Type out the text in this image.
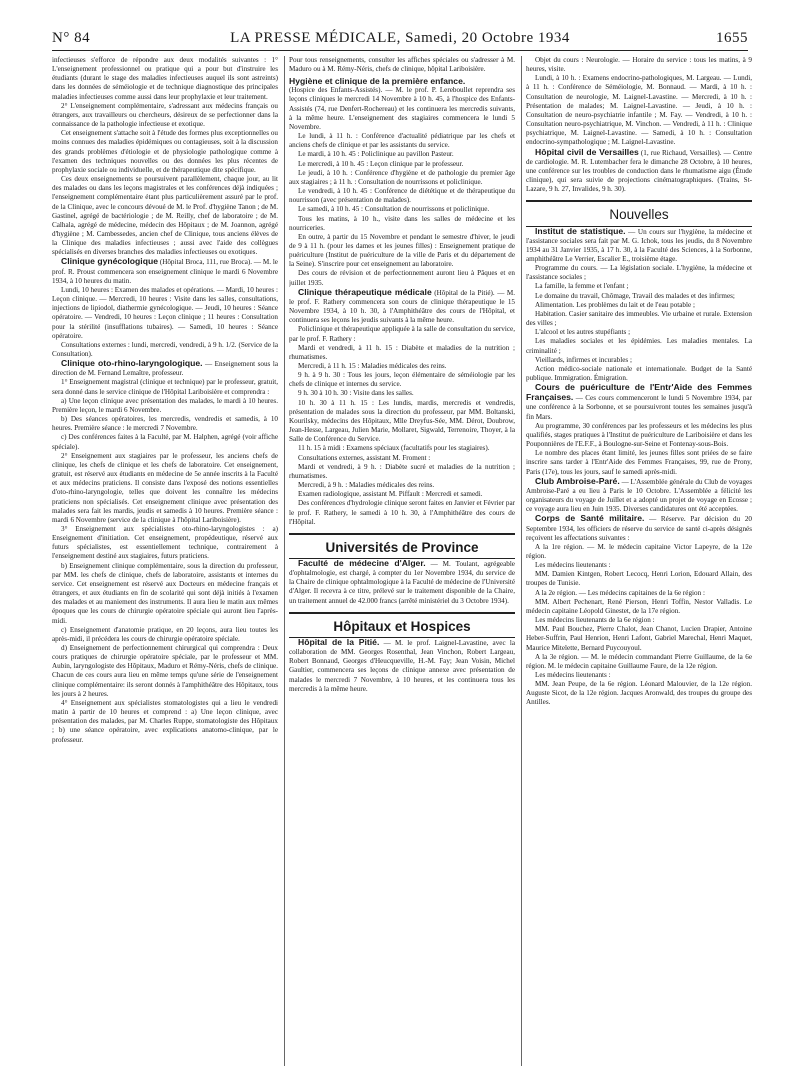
N° 84	LA PRESSE MÉDICALE, Samedi, 20 Octobre 1934	1655

infectieuses s'efforce de répondre aux deux modalités suivantes : 1° L'enseignement professionnel ou pratique qui a pour but d'instruire les étudiants (durant le stage des maladies infectieuses auquel ils sont astreints) dans les données de séméiologie et de technique diagnostique des principales maladies infectieuses comme aussi dans leur prophylaxie et leur traitement.

2° L'enseignement complémentaire, s'adressant aux médecins français ou étrangers, aux travailleurs ou chercheurs, désireux de se perfectionner dans la connaissance de la pathologie infectieuse et exotique.

Cet enseignement s'attache soit à l'étude des formes plus exceptionnelles ou moins connues des maladies épidémiques ou contagieuses, soit à la discussion des grands problèmes d'étiologie et de physiologie pathologique comme à l'examen des techniques nouvelles ou des données les plus récentes de prophylaxie sociale ou individuelle, et de thérapeutique dite spécifique.

Ces deux enseignements se poursuivent parallèlement, chaque jour, au lit des malades ou dans les leçons magistrales et les conférences déjà indiquées ; l'enseignement complémentaire étant plus particulièrement assuré par le prof. de la Clinique, avec le concours dévoué de M. le Prof. d'hygiène Tanon ; de M. Gastinel, agrégé de bactériologie ; de M. Reilly, chef de laboratoire ; de M. Calhala, agrégé de médecine, médecin des Hôpitaux ; de M. Joannon, agrégé d'hygiène ; M. Cambessedes, ancien chef de Clinique, tous anciens élèves de la Clinique des maladies infectieuses ; aussi avec l'aide des collègues spécialisés en diverses branches des maladies infectieuses ou exotiques.

Clinique gynécologique (Hôpital Broca, 111, rue Broca). — M. le prof. R. Proust commencera son enseignement clinique le mardi 6 Novembre 1934, à 10 heures du matin.

Lundi, 10 heures : Examen des malades et opérations. — Mardi, 10 heures : Leçon clinique. — Mercredi, 10 heures : Visite dans les salles, consultations, injections de lipiodol, diathermie gynécologique. — Jeudi, 10 heures : Séance opératoire. — Vendredi, 10 heures : Leçon clinique ; 11 heures : Consultation pour la stérilité (insufflations tubaires). — Samedi, 10 heures : Séance opératoire.

Consultations externes : lundi, mercredi, vendredi, à 9 h. 1/2. (Service de la Consultation).

Clinique oto-rhino-laryngologique. — Enseignement sous la direction de M. Fernand Lemaître, professeur.

1° Enseignement magistral (clinique et technique) par le professeur, gratuit, sera donné dans le service clinique de l'Hôpital Lariboisière et comprendra :

a) Une leçon clinique avec présentation des malades, le mardi à 10 heures. Première leçon, le mardi 6 Novembre.

b) Des séances opératoires, les mercredis, vendredis et samedis, à 10 heures. Première séance : le mercredi 7 Novembre.

c) Des conférences faites à la Faculté, par M. Halphen, agrégé (voir affiche spéciale).

2° Enseignement aux stagiaires par le professeur, les anciens chefs de clinique, les chefs de clinique et les chefs de laboratoire. Cet enseignement, gratuit, est réservé aux étudiants en médecine de 5e année inscrits à la Faculté et aux médecins praticiens. Il consiste dans l'exposé des notions essentielles d'oto-rhino-laryngologie, telles que doivent les connaître les médecins praticiens non spécialisés. Cet enseignement clinique avec présentation des malades sera fait les mardis, jeudis et samedis à 10 heures. Première séance : mardi 6 Novembre (service de la clinique à l'hôpital Lariboisière).

3° Enseignement aux spécialistes oto-rhino-laryngologistes : a) Enseignement d'initiation. Cet enseignement, propédeutique, réservé aux futurs spécialistes, est essentiellement technique, contrairement à l'enseignement destiné aux stagiaires, futurs praticiens.

b) Enseignement clinique complémentaire, sous la direction du professeur, par MM. les chefs de clinique, chefs de laboratoire, assistants et internes du service. Cet enseignement est réservé aux Docteurs en médecine français et étrangers, et aux étudiants en fin de scolarité qui sont déjà initiés à l'examen des malades et au maniement des instruments. Il aura lieu le matin aux mêmes époques que les cours de chirurgie opératoire spéciale qui auront lieu l'après-midi.

c) Enseignement d'anatomie pratique, en 20 leçons, aura lieu toutes les après-midi, il précédera les cours de chirurgie opératoire spéciale.

d) Enseignement de perfectionnement chirurgical qui comprendra : Deux cours pratiques de chirurgie opératoire spéciale, par le professeur et MM. Aubin, laryngologiste des Hôpitaux, Maduro et Rémy-Néris, chefs de clinique. Chacun de ces cours aura lieu en même temps qu'une série de l'enseignement clinique complémentaire: ils seront donnés à l'amphithéâtre des Hôpitaux, tous les jours à 2 heures.

4° Enseignement aux spécialistes stomatologistes qui a lieu le vendredi matin à partir de 10 heures et comprend : a) Une leçon clinique, avec présentation des malades, par M. Charles Ruppe, stomatologiste des Hôpitaux ; b) une séance opératoire, avec explications anatomo-clinique, par le professeur.

Pour tous renseignements, consulter les affiches spéciales ou s'adresser à M. Maduro ou à M. Rémy-Néris, chefs de clinique, hôpital Lariboisière.

Hygiène et clinique de la première enfance.

(Hospice des Enfants-Assistés). — M. le prof. P. Lereboullet reprendra ses leçons cliniques le mercredi 14 Novembre à 10 h. 45, à l'hospice des Enfants-Assistés (74, rue Denfert-Rochereau) et les continuera les mercredis suivants, à la même heure. L'enseignement des stagiaires commencera le lundi 5 Novembre.

Le lundi, à 11 h. : Conférence d'actualité pédiatrique par les chefs et anciens chefs de clinique et par les assistants du service.

Le mardi, à 10 h. 45 : Policlinique au pavillon Pasteur.

Le mercredi, à 10 h. 45 : Leçon clinique par le professeur.

Le jeudi, à 10 h. : Conférence d'hygiène et de pathologie du premier âge aux stagiaires ; à 11 h. : Consultation de nourrissons et policlinique.

Le vendredi, à 10 h. 45 : Conférence de diététique et de thérapeutique du nourrisson (avec présentation de malades).

Le samedi, à 10 h. 45 : Consultation de nourrissons et policlinique.

Tous les matins, à 10 h., visite dans les salles de médecine et les nourriceries.

En outre, à partir du 15 Novembre et pendant le semestre d'hiver, le jeudi de 9 à 11 h. (pour les dames et les jeunes filles) : Enseignement pratique de puériculture (Institut de puériculture de la ville de Paris et du département de la Seine). S'inscrire pour cet enseignement au laboratoire.

Des cours de révision et de perfectionnement auront lieu à Pâques et en juillet 1935.

Clinique thérapeutique médicale (Hôpital de la Pitié). — M. le prof. F. Rathery commencera son cours de clinique thérapeutique le 15 Novembre 1934, à 10 h. 30, à l'Amphithéâtre des cours de l'Hôpital, et continuera ses leçons les jeudis suivants à la même heure.

Policlinique et thérapeutique appliquée à la salle de consultation du service, par le prof. F. Rathery :

Mardi et vendredi, à 11 h. 15 : Diabète et maladies de la nutrition ; rhumatismes.

Mercredi, à 11 h. 15 : Maladies médicales des reins.

9 h. à 9 h. 30 : Tous les jours, leçon élémentaire de séméiologie par les chefs de clinique et internes du service.

9 h. 30 à 10 h. 30 : Visite dans les salles.

10 h. 30 à 11 h. 15 : Les lundis, mardis, mercredis et vendredis, présentation de malades sous la direction du professeur, par MM. Boltanski, Kourilsky, médecins des Hôpitaux, Mlle Dreyfus-Sée, MM. Dérot, Doubrow, Jean-Hesse, Largeau, Julien Marie, Mollaret, Sigwald, Terrenoire, Thoyer, à la Salle de Conférence du Service.

11 h. 15 à midi : Examens spéciaux (facultatifs pour les stagiaires).

Consultations externes, assistant M. Froment :

Mardi et vendredi, à 9 h. : Diabète sucré et maladies de la nutrition ; rhumatismes.

Mercredi, à 9 h. : Maladies médicales des reins.

Examen radiologique, assistant M. Piffault : Mercredi et samedi.

Des conférences d'hydrologie clinique seront faites en Janvier et Février par le prof. F. Rathery, le samedi à 10 h. 30, à l'Amphithéâtre des cours de l'Hôpital.

Universités de Province

Faculté de médecine d'Alger. — M. Toulant, agrégeable d'ophtalmologie, est chargé, à compter du 1er Novembre 1934, du service de la Chaire de clinique ophtalmologique à la Faculté de médecine de l'Université d'Alger. Il recevra à ce titre, prélevé sur le traitement disponible de la Chaire, un traitement annuel de 42.000 francs (arrêté ministériel du 3 Octobre 1934).

Hôpitaux et Hospices

Hôpital de la Pitié. — M. le prof. Laignel-Lavastine, avec la collaboration de MM. Georges Rosenthal, Jean Vinchon, Robert Largeau, Robert Bonnaud, Georges d'Heucqueville, H.-M. Fay; Jean Voisin, Michel Gaultier, commencera ses leçons de clinique annexe avec présentation de malades le mercredi 7 Novembre, à 10 heures, et les continuera tous les mercredis à la même heure.

Objet du cours : Neurologie. — Horaire du service : tous les matins, à 9 heures, visite.

Lundi, à 10 h. : Examens endocrino-pathologiques, M. Largeau. — Lundi, à 11 h. : Conférence de Séméiologie, M. Bonnaud. — Mardi, à 10 h. : Consultation de neurologie, M. Laignel-Lavastine. — Mercredi, à 10 h. : Présentation de malades; M. Laignel-Lavastine. — Jeudi, à 10 h. : Consultation de neuro-psychiatrie infantile ; M. Fay. — Vendredi, à 10 h. : Consultation neuro-psychiatrique, M. Vinchon. — Vendredi, à 11 h. : Clinique psychiatrique, M. Laignel-Lavastine. — Samedi, à 10 h. : Consultation endocrino-sympathologique ; M. Laignel-Lavastine.

Hôpital civil de Versailles (1, rue Richaud, Versailles). — Centre de cardiologie. M. R. Lutembacher fera le dimanche 28 Octobre, à 10 heures, une conférence sur les troubles de conduction dans le rhumatisme aigu (Étude clinique), qui sera suivie de projections cinématographiques. (Trains, St-Lazare, 9 h. 27, Invalides, 9 h. 30).

Nouvelles

Institut de statistique. — Un cours sur l'hygiène, la médecine et l'assistance sociales sera fait par M. G. Ichok, tous les jeudis, du 8 Novembre 1934 au 31 Janvier 1935, à 17 h. 30, à la Faculté des Sciences, à la Sorbonne, amphithéâtre Le Verrier, Escalier E., troisième étage.

Programme du cours. — La législation sociale. L'hygiène, la médecine et l'assistance sociales ;

La famille, la femme et l'enfant ;

Le domaine du travail, Chômage, Travail des malades et des infirmes;

Alimentation. Les problèmes du lait et de l'eau potable ;

Habitation. Casier sanitaire des immeubles. Vie urbaine et rurale. Extension des villes ;

L'alcool et les autres stupéfiants ;

Les maladies sociales et les épidémies. Les maladies mentales. La criminalité ;

Vieillards, infirmes et incurables ;

Action médico-sociale nationale et internationale. Budget de la Santé publique. Immigration. Émigration.

Cours de puériculture de l'Entr'Aide des Femmes Françaises. — Ces cours commenceront le lundi 5 Novembre 1934, par une conférence à la Sorbonne, et se poursuivront toutes les semaines jusqu'à fin Mars.

Au programme, 30 conférences par les professeurs et les médecins les plus qualifiés, stages pratiques à l'Institut de puériculture de Lariboisière et dans les Pouponnières de l'E.F.F., à Boulogne-sur-Seine et Fontenay-sous-Bois.

Le nombre des places étant limité, les jeunes filles sont priées de se faire inscrire sans tarder à l'Entr'Aide des Femmes Françaises, 99, rue de Prony, Paris (17e), tous les jours, sauf le samedi après-midi.

Club Ambroise-Paré. — L'Assemblée générale du Club de voyages Ambroise-Paré a eu lieu à Paris le 10 Octobre. L'Assemblée a félicité les organisateurs du voyage de Juillet et a adopté un projet de voyage en Ecosse ; ce voyage aura lieu en Juin 1935. Diverses candidatures ont été acceptées.

Corps de Santé militaire. — Réserve. Par décision du 20 Septembre 1934, les officiers de réserve du service de santé ci-après désignés reçoivent les affectations suivantes :

A la 1re région. — M. le médecin capitaine Victor Lapeyre, de la 12e région.

Les médecins lieutenants :

MM. Damien Kintgen, Robert Lecocq, Henri Lorion, Edouard Allain, des troupes de Tunisie.

A la 2e région. — Les médecins capitaines de la 6e région :

MM. Albert Pechenart, René Pierson, Henri Toffin, Nestor Valladis. Le médecin capitaine Léopold Ginestet, de la 17e région.

Les médecins lieutenants de la 6e région :

MM. Paul Bouchez, Pierre Chalot, Jean Chanot, Lucien Drapier, Antoine Heber-Suffrin, Paul Henrion, Henri Lafont, Gabriel Marechal, Henri Maquet, Maurice Mitelette, Bernard Puycouyoul.

A la 3e région. — M. le médecin commandant Pierre Guillaume, de la 6e région. M. le médecin capitaine Guillaume Faure, de la 12e région.

Les médecins lieutenants :

MM. Jean Peupe, de la 6e région. Léonard Malouvier, de la 12e région. Auguste Sicot, de la 12e région. Jacques Aronwald, des troupes du groupe des Antilles.
